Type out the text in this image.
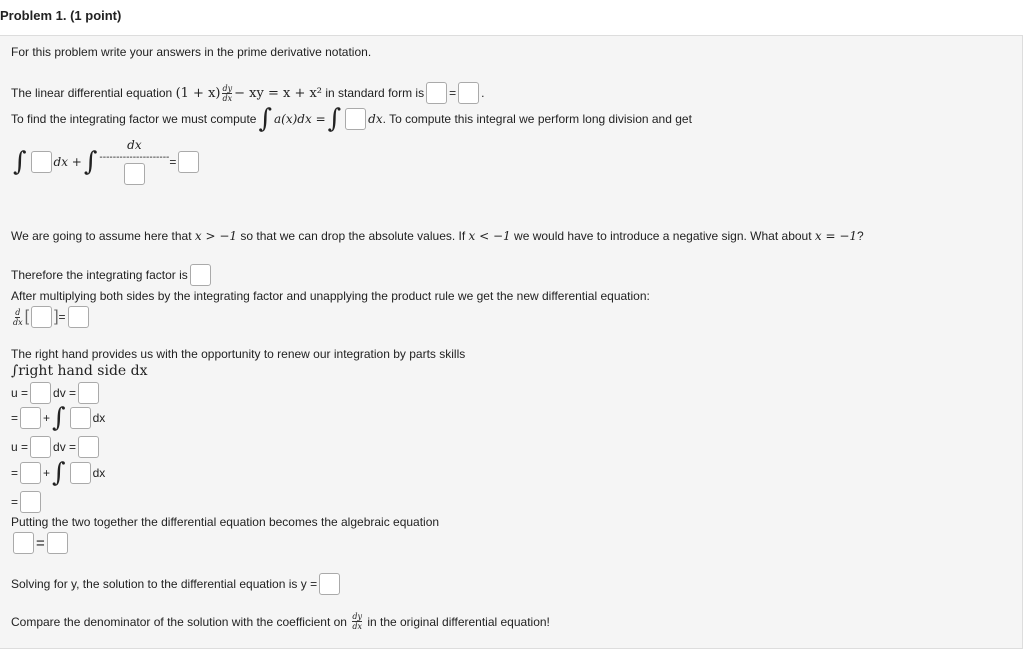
Problem 1. (1 point)
For this problem write your answers in the prime derivative notation.
The linear differential equation
$(1 + x) \frac{dy}{dx}$ − xy = x + x²
in standard form is = .
To find the integrating factor we must compute ∫ a(x)dx = ∫ dx . To compute this integral we perform long division and get
∫ dx + ∫
dx
--------------------- =
We are going to assume here that
x > −1
so that we can drop the absolute values. If
x < −1
we would have to introduce a negative sign. What about
x = −1 ?
Therefore the integrating factor is
After multiplying both sides by the integrating factor and unapplying the product rule we get the new differential equation:
$\frac{d}{dx}$ [ ] =
The right hand provides us with the opportunity to renew our integration by parts skills
∫right hand side dx
u = dv =
= + ∫ dx
u = dv =
= + ∫ dx
=
Putting the two together the differential equation becomes the algebraic equation
=
Solving for y, the solution to the differential equation is y =
Compare the denominator of the solution with the coefficient on
$\frac{dy}{dx}$
in the original differential equation!
